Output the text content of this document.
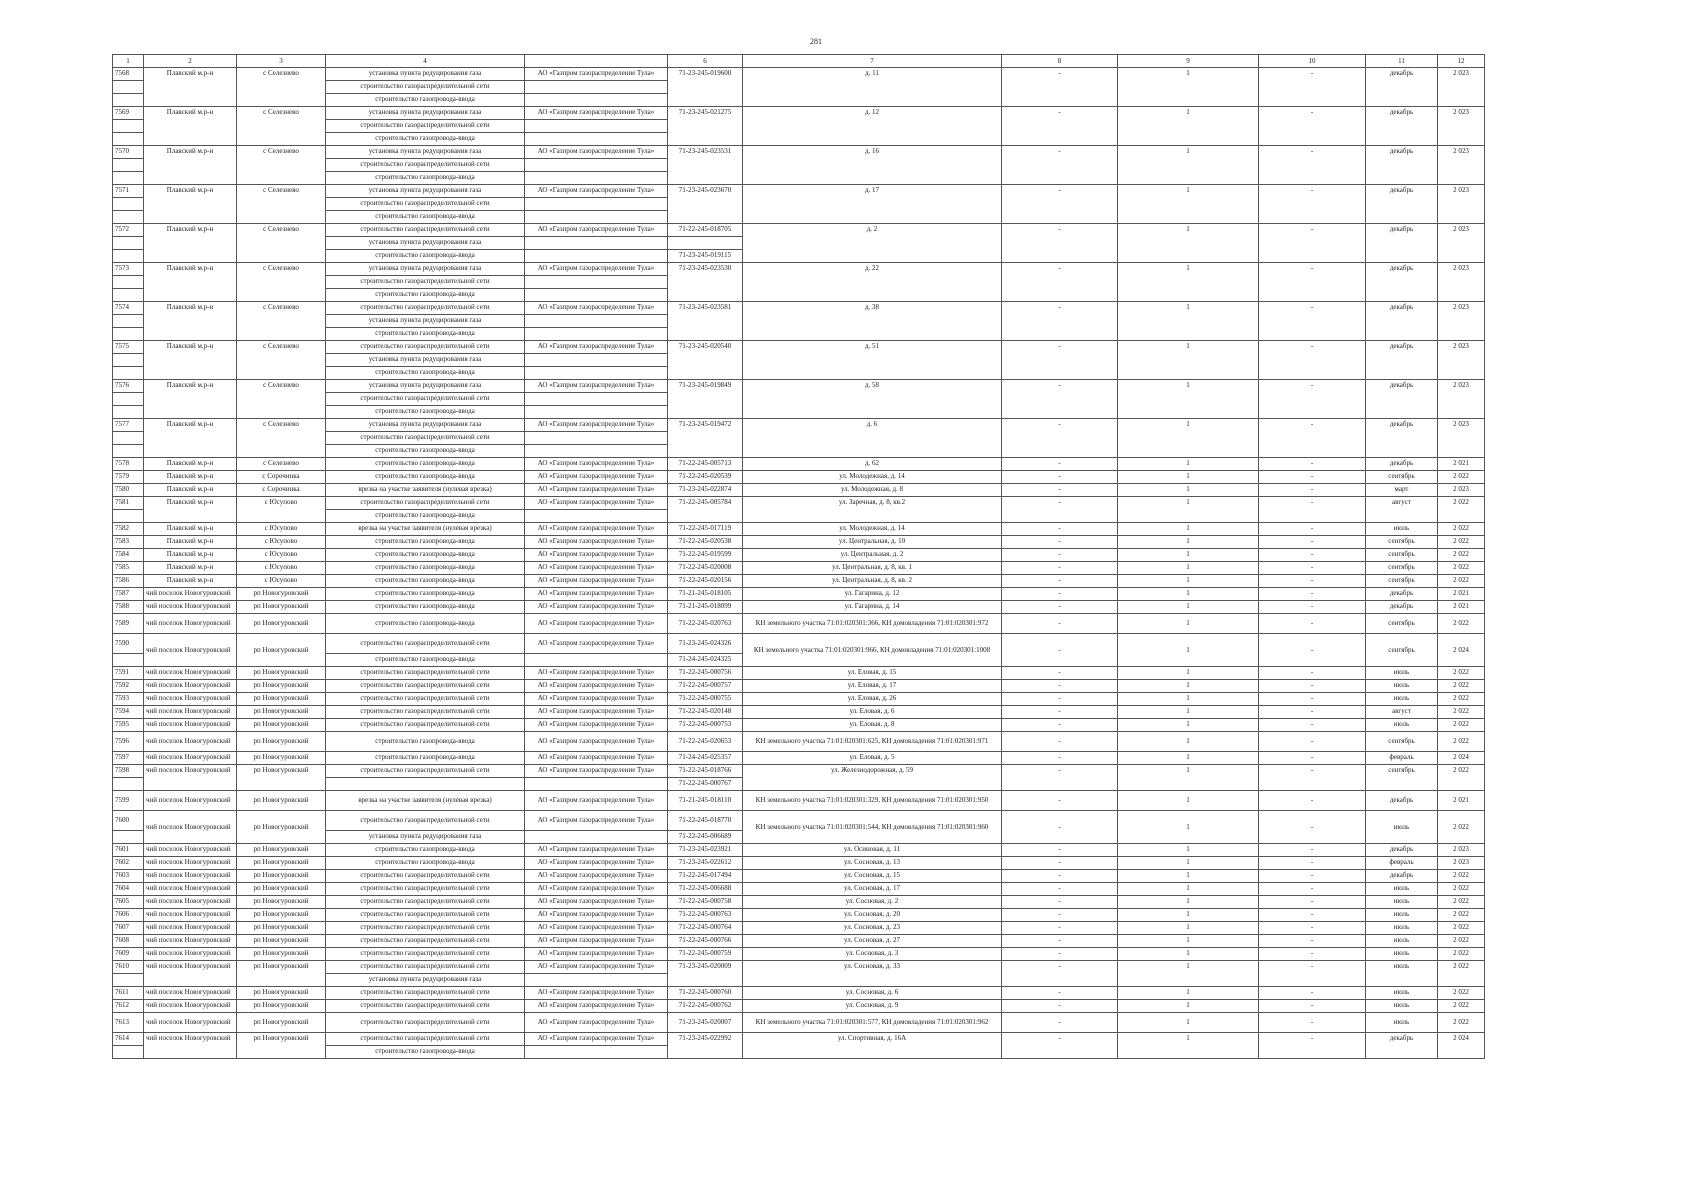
281
1	2	3	4		6	7	8	9	10	11	12
7568	Плавский м.р-н	с Селезнево	установка пункта редуцирования газа	АО «Газпром газораспределение Тула»	71-23-245-019600	д. 11	-	1	-	декабрь	2 023
			строительство газораспределительной сети								
			строительство газопровода-ввода								
7569	Плавский м.р-н	с Селезнево	установка пункта редуцирования газа	АО «Газпром газораспределение Тула»	71-23-245-021275	д. 12	-	1	-	декабрь	2 023
			строительство газораспределительной сети								
			строительство газопровода-ввода								
7570	Плавский м.р-н	с Селезнево	установка пункта редуцирования газа	АО «Газпром газораспределение Тула»	71-23-245-023531	д. 16	-	1	-	декабрь	2 023
			строительство газораспределительной сети								
			строительство газопровода-ввода								
7571	Плавский м.р-н	с Селезнево	установка пункта редуцирования газа	АО «Газпром газораспределение Тула»	71-23-245-023670	д. 17	-	1	-	декабрь	2 023
			строительство газораспределительной сети								
			строительство газопровода-ввода								
7572	Плавский м.р-н	с Селезнево	строительство газораспределительной сети	АО «Газпром газораспределение Тула»	71-22-245-018705	д. 2	-	1	-	декабрь	2 023
			установка пункта редуцирования газа								
			строительство газопровода-ввода		71-23-245-019115						
7573	Плавский м.р-н	с Селезнево	установка пункта редуцирования газа	АО «Газпром газораспределение Тула»	71-23-245-023530	д. 22	-	1	-	декабрь	2 023
			строительство газораспределительной сети								
			строительство газопровода-ввода								
7574	Плавский м.р-н	с Селезнево	строительство газораспределительной сети	АО «Газпром газораспределение Тула»	71-23-245-023581	д. 38	-	1	-	декабрь	2 023
			установка пункта редуцирования газа								
			строительство газопровода-ввода								
7575	Плавский м.р-н	с Селезнево	строительство газораспределительной сети	АО «Газпром газораспределение Тула»	71-23-245-020540	д. 51	-	1	-	декабрь	2 023
			установка пункта редуцирования газа								
			строительство газопровода-ввода								
7576	Плавский м.р-н	с Селезнево	установка пункта редуцирования газа	АО «Газпром газораспределение Тула»	71-23-245-019849	д. 58	-	1	-	декабрь	2 023
			строительство газораспределительной сети								
			строительство газопровода-ввода								
7577	Плавский м.р-н	с Селезнево	установка пункта редуцирования газа	АО «Газпром газораспределение Тула»	71-23-245-019472	д. 6	-	1	-	декабрь	2 023
			строительство газораспределительной сети								
			строительство газопровода-ввода								
7578	Плавский м.р-н	с Селезнево	строительство газопровода-ввода	АО «Газпром газораспределение Тула»	71-22-245-005713	д. 62	-	1	-	декабрь	2 021
7579	Плавский м.р-н	с Сорочинка	строительство газопровода-ввода	АО «Газпром газораспределение Тула»	71-22-245-020539	ул. Молодежная, д. 14	-	1	-	сентябрь	2 022
7580	Плавский м.р-н	с Сорочинка	врезка на участке заявителя (нулевая врезка)	АО «Газпром газораспределение Тула»	71-23-245-022874	ул. Молодежная, д. 8	-	1	-	март	2 023
7581	Плавский м.р-н	с Юсупово	строительство газораспределительной сети	АО «Газпром газораспределение Тула»	71-22-245-005784	ул. Заречная, д. 8, кв.2	-	1	-	август	2 022
			строительство газопровода-ввода								
7582	Плавский м.р-н	с Юсупово	врезка на участке заявителя (нулевая врезка)	АО «Газпром газораспределение Тула»	71-22-245-017119	ул. Молодежная, д. 14	-	1	-	июль	2 022
7583	Плавский м.р-н	с Юсупово	строительство газопровода-ввода	АО «Газпром газораспределение Тула»	71-22-245-020538	ул. Центральная, д. 10	-	1	-	сентябрь	2 022
7584	Плавский м.р-н	с Юсупово	строительство газопровода-ввода	АО «Газпром газораспределение Тула»	71-22-245-019599	ул. Центральная, д. 2	-	1	-	сентябрь	2 022
7585	Плавский м.р-н	с Юсупово	строительство газопровода-ввода	АО «Газпром газораспределение Тула»	71-22-245-020008	ул. Центральная, д. 8, кв. 1	-	1	-	сентябрь	2 022
7586	Плавский м.р-н	с Юсупово	строительство газопровода-ввода	АО «Газпром газораспределение Тула»	71-22-245-020156	ул. Центральная, д. 8, кв. 2	-	1	-	сентябрь	2 022
7587	чий поселок Новогуровский	рп Новогуровский	строительство газопровода-ввода	АО «Газпром газораспределение Тула»	71-21-245-018105	ул. Гагарина, д. 12	-	1	-	декабрь	2 021
7588	чий поселок Новогуровский	рп Новогуровский	строительство газопровода-ввода	АО «Газпром газораспределение Тула»	71-21-245-018099	ул. Гагарина, д. 14	-	1	-	декабрь	2 021
7589	чий поселок Новогуровский	рп Новогуровский	строительство газопровода-ввода	АО «Газпром газораспределение Тула»	71-22-245-020763	КН земельного участка 71:01:020301:366, КН домовладения 71:01:020301:972	-	1	-	сентябрь	2 022
7590	чий поселок Новогуровский	рп Новогуровский	строительство газораспределительной сети	АО «Газпром газораспределение Тула»	71-23-245-024326	КН земельного участка 71:01:020301:966, КН домовладения 71:01:020301:1008	-	1	-	сентябрь	2 024
			строительство газопровода-ввода		71-24-245-024325						
7591	чий поселок Новогуровский	рп Новогуровский	строительство газораспределительной сети	АО «Газпром газораспределение Тула»	71-22-245-000756	ул. Еловая, д. 15	-	1	-	июль	2 022
7592	чий поселок Новогуровский	рп Новогуровский	строительство газораспределительной сети	АО «Газпром газораспределение Тула»	71-22-245-000757	ул. Еловая, д. 17	-	1	-	июль	2 022
7593	чий поселок Новогуровский	рп Новогуровский	строительство газораспределительной сети	АО «Газпром газораспределение Тула»	71-22-245-000755	ул. Еловая, д. 26	-	1	-	июль	2 022
7594	чий поселок Новогуровский	рп Новогуровский	строительство газораспределительной сети	АО «Газпром газораспределение Тула»	71-22-245-020148	ул. Еловая, д. 6	-	1	-	август	2 022
7595	чий поселок Новогуровский	рп Новогуровский	строительство газораспределительной сети	АО «Газпром газораспределение Тула»	71-22-245-000753	ул. Еловая, д. 8	-	1	-	июль	2 022
7596	чий поселок Новогуровский	рп Новогуровский	строительство газопровода-ввода	АО «Газпром газораспределение Тула»	71-22-245-020653	КН земельного участка 71:01:020301:625, КН домовладения 71:01:020301:971	-	1	-	сентябрь	2 022
7597	чий поселок Новогуровский	рп Новогуровский	строительство газопровода-ввода	АО «Газпром газораспределение Тула»	71-24-245-025357	ул. Еловая, д. 5	-	1	-	февраль	2 024
7598	чий поселок Новогуровский	рп Новогуровский	строительство газораспределительной сети	АО «Газпром газораспределение Тула»	71-22-245-018766	ул. Железнодорожная, д. 59	-	1	-	сентябрь	2 022
					71-22-245-000767						
7599	чий поселок Новогуровский	рп Новогуровский	врезка на участке заявителя (нулевая врезка)	АО «Газпром газораспределение Тула»	71-21-245-018110	КН земельного участка 71:01:020301:329, КН домовладения 71:01:020301:950	-	1	-	декабрь	2 021
7600	чий поселок Новогуровский	рп Новогуровский	строительство газораспределительной сети	АО «Газпром газораспределение Тула»	71-22-245-018770	КН земельного участка 71:01:020301:544, КН домовладения 71:01:020301:960	-	1	-	июль	2 022
			установка пункта редуцирования газа		71-22-245-006689						
7601	чий поселок Новогуровский	рп Новогуровский	строительство газопровода-ввода	АО «Газпром газораспределение Тула»	71-23-245-023921	ул. Осиновая, д. 11	-	1	-	декабрь	2 023
7602	чий поселок Новогуровский	рп Новогуровский	строительство газопровода-ввода	АО «Газпром газораспределение Тула»	71-23-245-022612	ул. Сосновая, д. 13	-	1	-	февраль	2 023
7603	чий поселок Новогуровский	рп Новогуровский	строительство газораспределительной сети	АО «Газпром газораспределение Тула»	71-22-245-017494	ул. Сосновая, д. 15	-	1	-	декабрь	2 022
7604	чий поселок Новогуровский	рп Новогуровский	строительство газораспределительной сети	АО «Газпром газораспределение Тула»	71-22-245-006688	ул. Сосновая, д. 17	-	1	-	июль	2 022
7605	чий поселок Новогуровский	рп Новогуровский	строительство газораспределительной сети	АО «Газпром газораспределение Тула»	71-22-245-000758	ул. Сосновая, д. 2	-	1	-	июль	2 022
7606	чий поселок Новогуровский	рп Новогуровский	строительство газораспределительной сети	АО «Газпром газораспределение Тула»	71-22-245-000763	ул. Сосновая, д. 20	-	1	-	июль	2 022
7607	чий поселок Новогуровский	рп Новогуровский	строительство газораспределительной сети	АО «Газпром газораспределение Тула»	71-22-245-000764	ул. Сосновая, д. 23	-	1	-	июль	2 022
7608	чий поселок Новогуровский	рп Новогуровский	строительство газораспределительной сети	АО «Газпром газораспределение Тула»	71-22-245-000766	ул. Сосновая, д. 27	-	1	-	июль	2 022
7609	чий поселок Новогуровский	рп Новогуровский	строительство газораспределительной сети	АО «Газпром газораспределение Тула»	71-22-245-000759	ул. Сосновая, д. 3	-	1	-	июль	2 022
7610	чий поселок Новогуровский	рп Новогуровский	строительство газораспределительной сети	АО «Газпром газораспределение Тула»	71-23-245-020009	ул. Сосновая, д. 33	-	1	-	июль	2 022
			установка пункта редуцирования газа								
7611	чий поселок Новогуровский	рп Новогуровский	строительство газораспределительной сети	АО «Газпром газораспределение Тула»	71-22-245-000760	ул. Сосновая, д. 6	-	1	-	июль	2 022
7612	чий поселок Новогуровский	рп Новогуровский	строительство газораспределительной сети	АО «Газпром газораспределение Тула»	71-22-245-000762	ул. Сосновая, д. 9	-	1	-	июль	2 022
7613	чий поселок Новогуровский	рп Новогуровский	строительство газораспределительной сети	АО «Газпром газораспределение Тула»	71-23-245-020007	КН земельного участка 71:01:020301:577, КН домовладения 71:01:020301:962	-	1	-	июль	2 022
7614	чий поселок Новогуровский	рп Новогуровский	строительство газораспределительной сети	АО «Газпром газораспределение Тула»	71-23-245-022992	ул. Спортивная, д. 16А	-	1	-	декабрь	2 024
			строительство газопровода-ввода								
